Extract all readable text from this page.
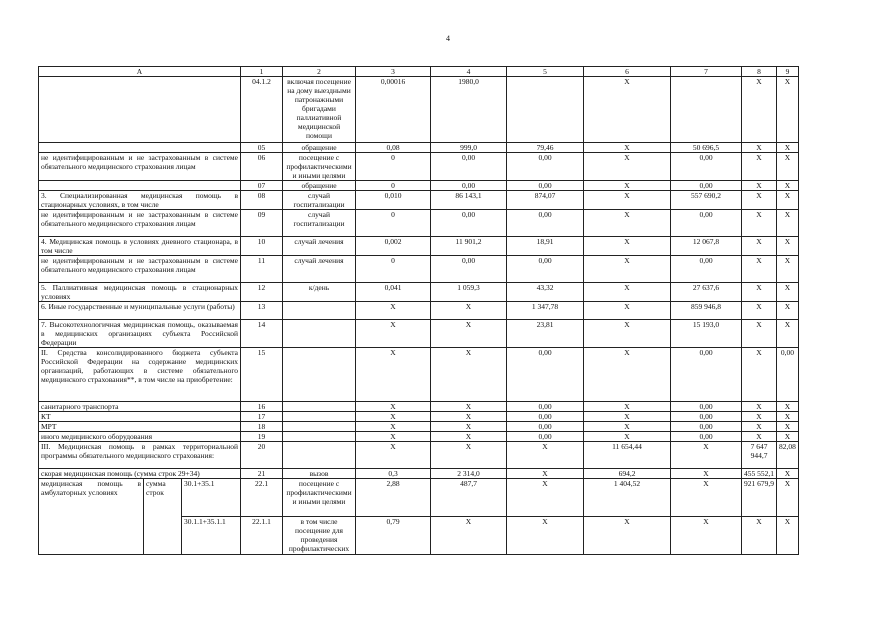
4
А			1	2	3	4	5	6	7	8	9
			04.1.2	включая посещение на дому выездными патронажными бригадами паллиативной медицинской помощи	0,00016	1980,0		Х		Х	Х
			05	обращение	0,08	999,0	79,46	Х	50 696,5	Х	Х
не идентифицированным и не застрахованным в системе обязательного медицинского страхования лицам			06	посещение с профилактическими и иными целями	0	0,00	0,00	Х	0,00	Х	Х
			07	обращение	0	0,00	0,00	Х	0,00	Х	Х
3. Специализированная медицинская помощь в стационарных условиях, в том числе			08	случай госпитализации	0,010	86 143,1	874,07	Х	557 690,2	Х	Х
не идентифицированным и не застрахованным в системе обязательного медицинского страхования лицам			09	случай госпитализации	0	0,00	0,00	Х	0,00	Х	Х
4. Медицинская помощь в условиях дневного стационара, в том числе			10	случай лечения	0,002	11 901,2	18,91	Х	12 067,8	Х	Х
не идентифицированным и не застрахованным в системе обязательного медицинского страхования лицам			11	случай лечения	0	0,00	0,00	Х	0,00	Х	Х
5. Паллиативная медицинская помощь в стационарных условиях			12	к/день	0,041	1 059,3	43,32	Х	27 637,6	Х	Х
6. Иные государственные и муниципальные услуги (работы)			13		Х	Х	1 347,78	Х	859 946,8	Х	Х
7. Высокотехнологичная медицинская помощь, оказываемая в медицинских организациях субъекта Российской Федерации			14		Х	Х	23,81	Х	15 193,0	Х	Х
II. Средства консолидированного бюджета субъекта Российской Федерации на содержание медицинских организаций, работающих в системе обязательного медицинского страхования**, в том числе на приобретение:			15		Х	Х	0,00	Х	0,00	Х	0,00
санитарного транспорта			16		Х	Х	0,00	Х	0,00	Х	Х
КТ			17		Х	Х	0,00	Х	0,00	Х	Х
МРТ			18		Х	Х	0,00	Х	0,00	Х	Х
иного медицинского оборудования			19		Х	Х	0,00	Х	0,00	Х	Х
III. Медицинская помощь в рамках территориальной программы обязательного медицинского страхования:			20		Х	Х	Х	11 654,44	Х	7 647 944,7	82,08
скорая медицинская помощь (сумма строк 29+34)			21	вызов	0,3	2 314,0	Х	694,2	Х	455 552,1	Х
медицинская помощь в амбулаторных условиях	сумма строк	30.1+35.1	22.1	посещение с профилактическими и иными целями	2,88	487,7	Х	1 404,52	Х	921 679,9	Х
		30.1.1+35.1.1	22.1.1	в том числе посещение для проведения профилактических	0,79	Х	Х	Х	Х	Х	Х
